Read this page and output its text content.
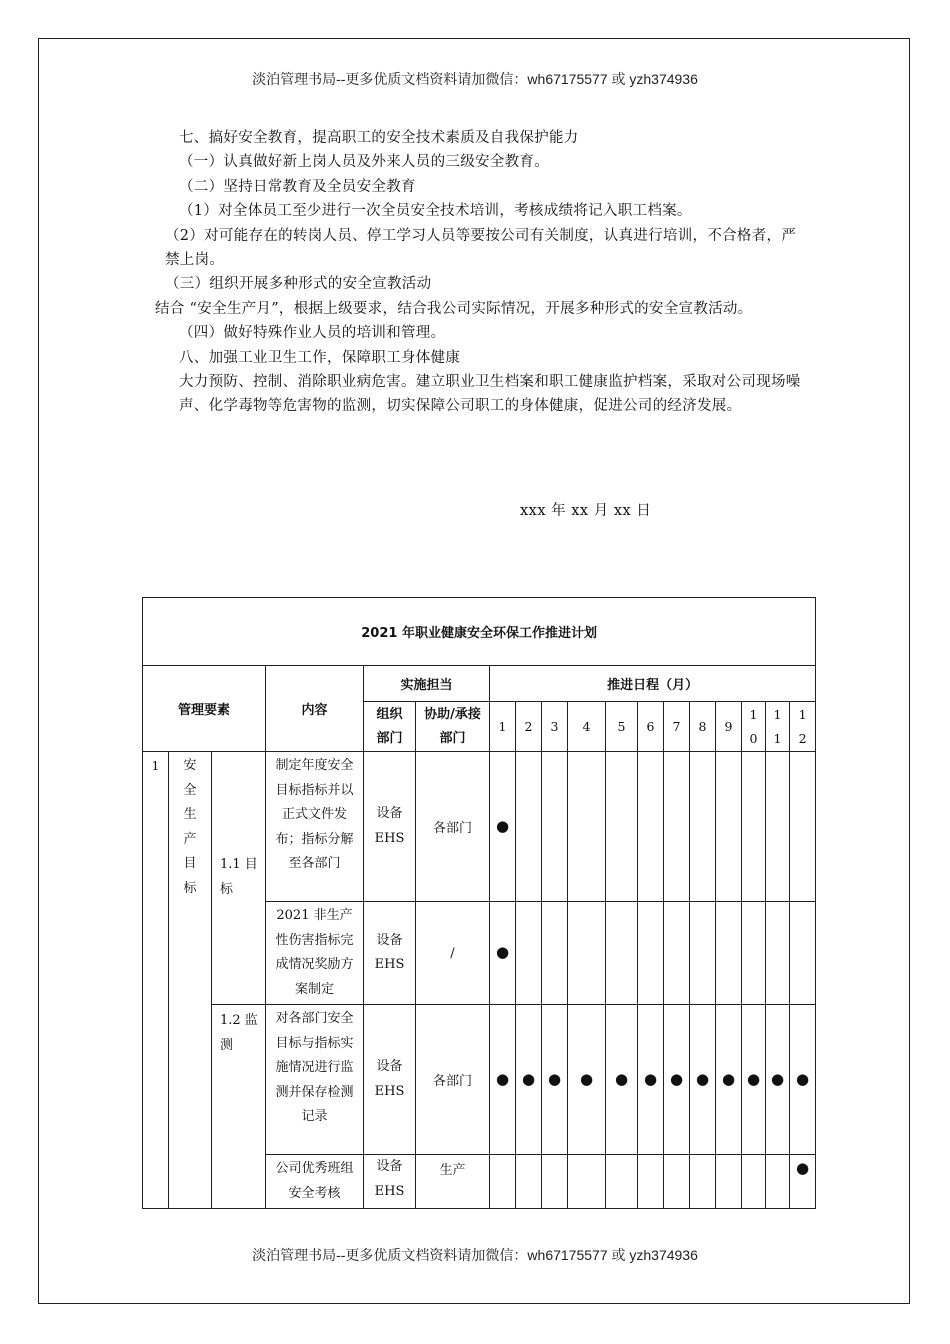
淡泊管理书局--更多优质文档资料请加微信：wh67175577 或 yzh374936

七、搞好安全教育，提高职工的安全技术素质及自我保护能力

（一）认真做好新上岗人员及外来人员的三级安全教育。

（二）坚持日常教育及全员安全教育

（1）对全体员工至少进行一次全员安全技术培训，考核成绩将记入职工档案。

（2）对可能存在的转岗人员、停工学习人员等要按公司有关制度，认真进行培训，不合格者，严禁上岗。

（三）组织开展多种形式的安全宣教活动

结合 “安全生产月”，根据上级要求，结合我公司实际情况，开展多种形式的安全宣教活动。

（四）做好特殊作业人员的培训和管理。

八、加强工业卫生工作，保障职工身体健康

大力预防、控制、消除职业病危害。建立职业卫生档案和职工健康监护档案，采取对公司现场噪声、化学毒物等危害物的监测，切实保障公司职工的身体健康，促进公司的经济发展。

xxx 年 xx 月 xx 日
2021 年职业健康安全环保工作推进计划																	
管理要素			内容	实施担当		推进日程（月）											
				组织部门	协助/承接部门	1	2	3	4	5	6	7	8	9	10	11	12
1	安全生产目标	1.1 目标	制定年度安全目标指标并以正式文件发布；指标分解至各部门	设备 EHS	各部门	●											
			2021 非生产性伤害指标完成情况奖励方案制定	设备 EHS	/	●											
		1.2 监测	对各部门安全目标与指标实施情况进行监测并保存检测记录	设备 EHS	各部门	●	●	●	●	●	●	●	●	●	●	●	●
			公司优秀班组安全考核	设备 EHS	生产												●
淡泊管理书局--更多优质文档资料请加微信：wh67175577 或 yzh374936
